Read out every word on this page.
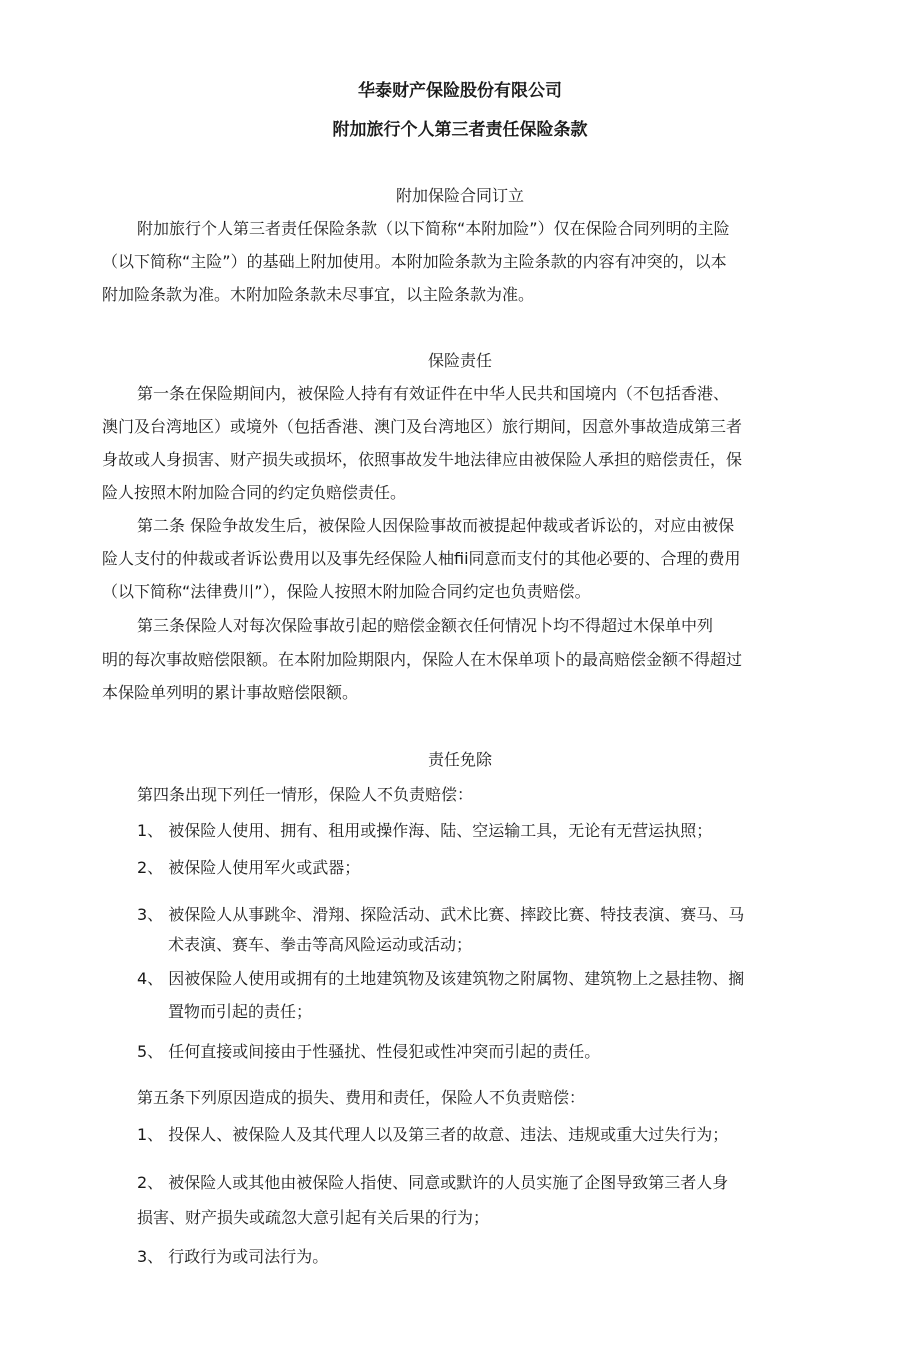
华泰财产保险股份有限公司
附加旅行个人第三者责任保险条款
附加保险合同订立
附加旅行个人第三者责任保险条款（以下简称“本附加险”）仅在保险合同列明的主险
（以下简称“主险”）的基础上附加使用。本附加险条款为主险条款的内容有冲突的，以本
附加险条款为准。木附加险条款未尽事宜，以主险条款为准。
保险责任
第一条在保险期间内，被保险人持有有效证件在中华人民共和国境内（不包括香港、
澳门及台湾地区）或境外（包括香港、澳门及台湾地区）旅行期间，因意外事故造成第三者
身故或人身损害、财产损失或损坏，依照事故发牛地法律应由被保险人承担的赔偿责任，保
险人按照木附加险合同的约定负赔偿责任。
第二条 保险争故发生后，被保险人因保险事故而被提起仲裁或者诉讼的，对应由被保
险人支付的仲裁或者诉讼费用以及事先经保险人柚fii同意而支付的其他必要的、合理的费用
（以下简称“法律费川”），保险人按照木附加险合同约定也负责赔偿。
第三条保险人对每次保险事故引起的赔偿金额衣任何情况卜均不得超过木保单中列
明的每次事故赔偿限额。在本附加险期限内，保险人在木保单项卜的最高赔偿金额不得超过
本保险单列明的累计事故赔偿限额。
责任免除
第四条出现下列任一情形，保险人不负责赔偿：
1、 被保险人使用、拥有、租用或操作海、陆、空运输工具，无论有无营运执照；
2、 被保险人使用军火或武器；
3、 被保险人从事跳伞、滑翔、探险活动、武术比赛、摔跤比赛、特技表演、赛马、马
术表演、赛车、拳击等高风险运动或活动；
4、 因被保险人使用或拥有的土地建筑物及该建筑物之附属物、建筑物上之悬挂物、搁
置物而引起的责任；
5、 任何直接或间接由于性骚扰、性侵犯或性冲突而引起的责任。
第五条下列原因造成的损失、费用和责任，保险人不负责赔偿：
1、 投保人、被保险人及其代理人以及第三者的故意、违法、违规或重大过失行为；
2、 被保险人或其他由被保险人指使、同意或默许的人员实施了企图导致第三者人身
损害、财产损失或疏忽大意引起有关后果的行为；
3、 行政行为或司法行为。
